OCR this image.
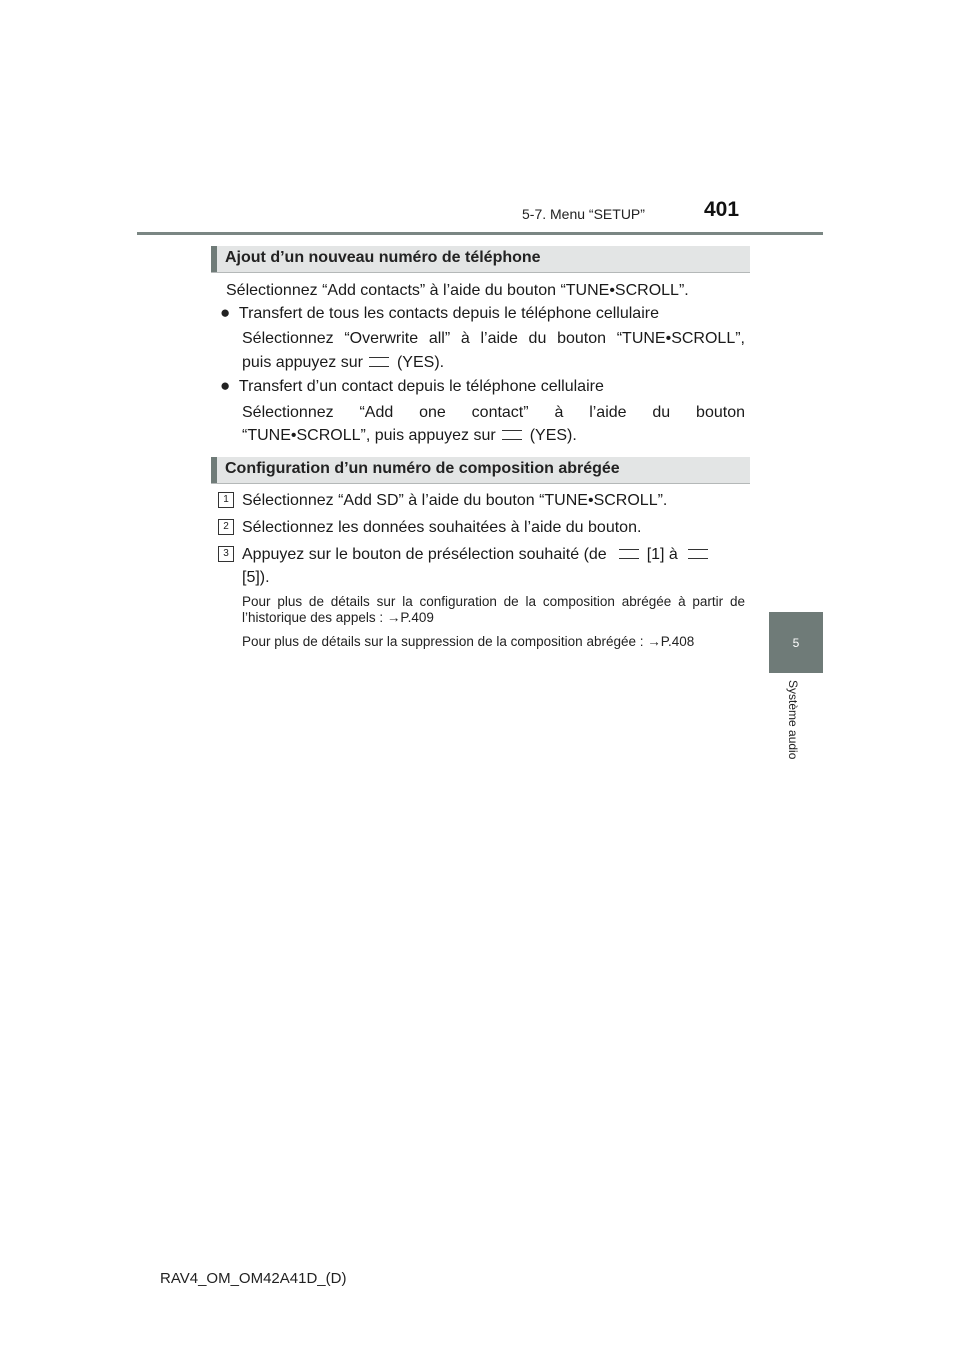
5-7. Menu “SETUP”	401
5
Système audio
Ajout d’un nouveau numéro de téléphone
Sélectionnez “Add contacts” à l’aide du bouton “TUNE•SCROLL”.
● Transfert de tous les contacts depuis le téléphone cellulaire
Sélectionnez “Overwrite all” à l’aide du bouton “TUNE•SCROLL”,
puis appuyez sur (YES).
● Transfert d’un contact depuis le téléphone cellulaire
Sélectionnez “Add one contact” à l’aide du bouton
“TUNE•SCROLL”, puis appuyez sur (YES).
Configuration d’un numéro de composition abrégée
1 Sélectionnez “Add SD” à l’aide du bouton “TUNE•SCROLL”.
2 Sélectionnez les données souhaitées à l’aide du bouton.
3 Appuyez sur le bouton de présélection souhaité (de	[1] à
[5]).
Pour plus de détails sur la configuration de la composition abrégée à partir de l’historique des appels : →P.409
Pour plus de détails sur la suppression de la composition abrégée : →P.408
RAV4_OM_OM42A41D_(D)
